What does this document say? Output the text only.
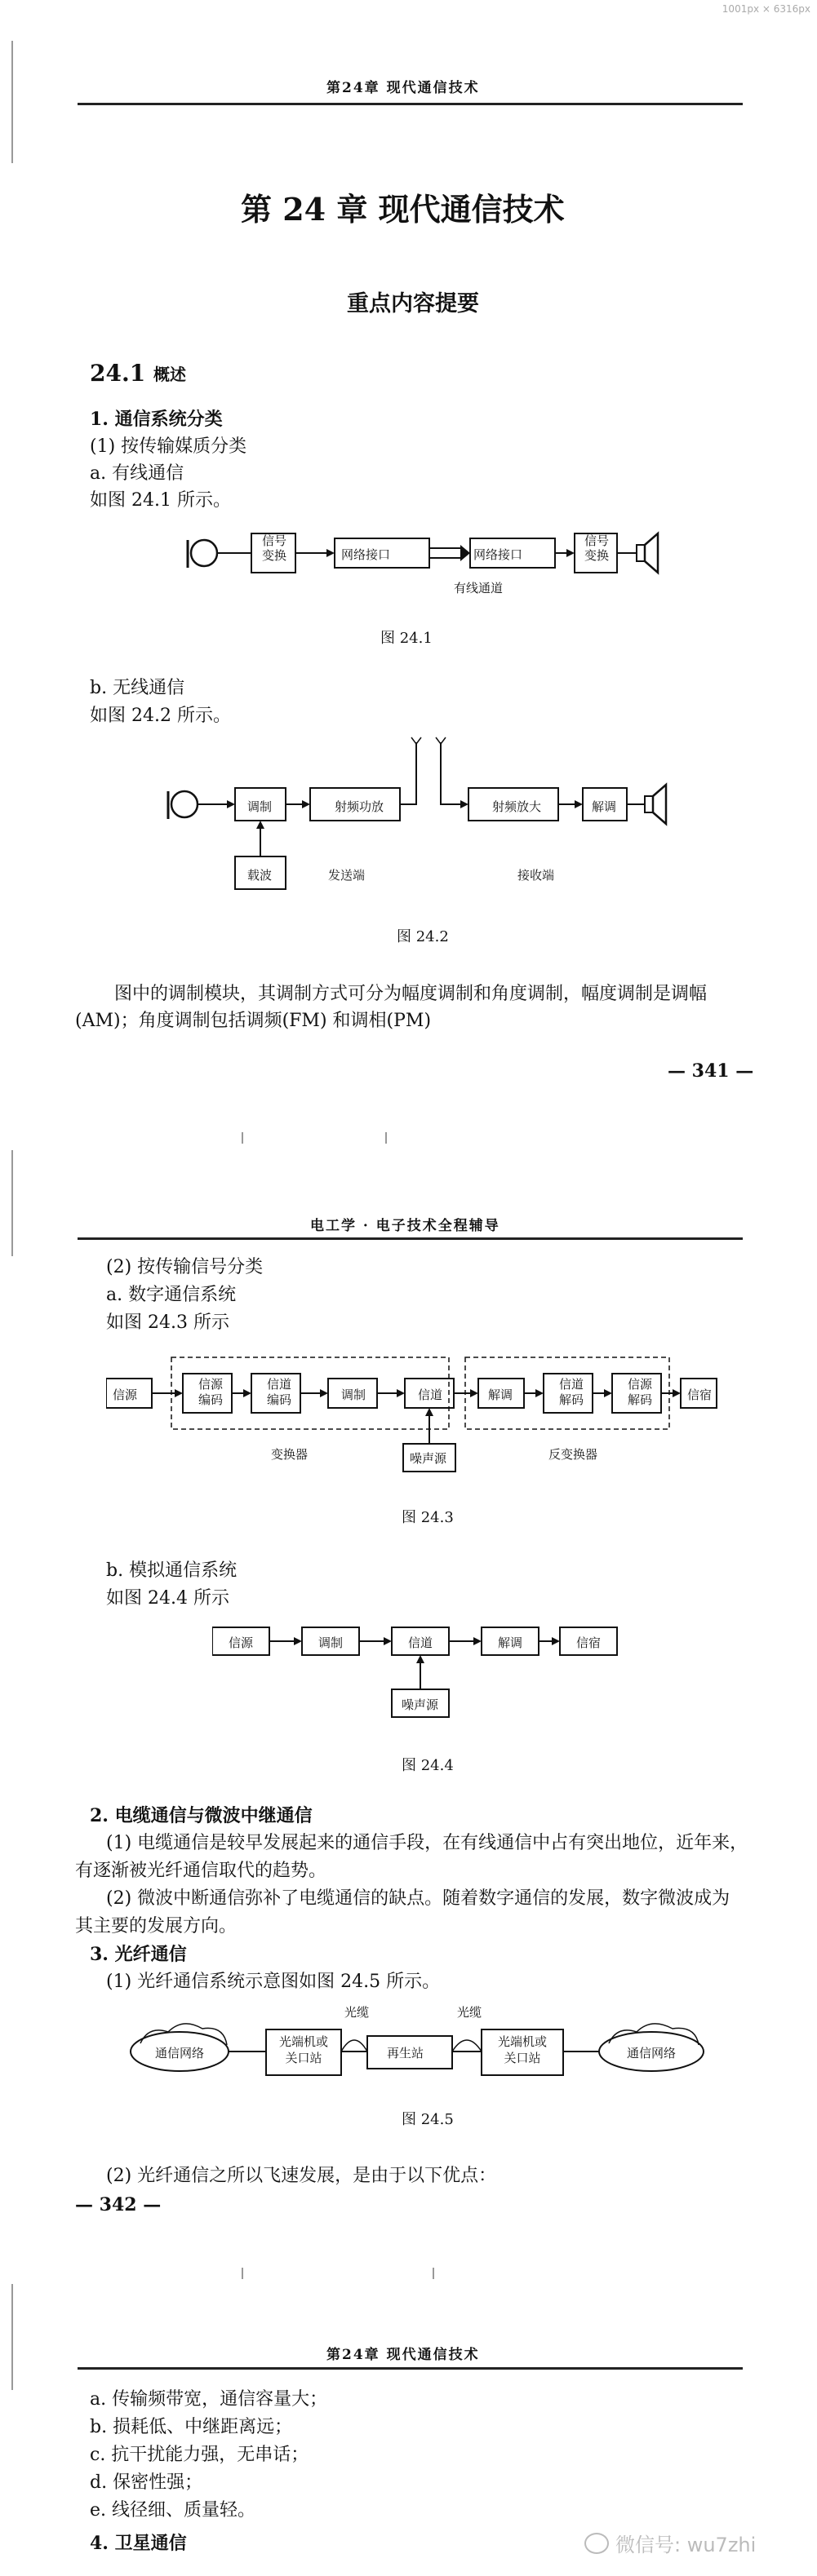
1001px × 6316px
第24章 现代通信技术
第 24 章 现代通信技术
重点内容提要
24.1 概述
1. 通信系统分类
(1) 按传输媒质分类
a. 有线通信
如图 24.1 所示。
信号
变换	网络接口	网络接口
信号
变换
有线通道
图 24.1
b. 无线通信
如图 24.2 所示。
调制	射频功放	射频放大	解调
载波	发送端	接收端
图 24.2
图中的调制模块，其调制方式可分为幅度调制和角度调制，幅度调制是调幅
(AM)；角度调制包括调频(FM) 和调相(PM)
— 341 —
电工学 · 电子技术全程辅导
(2) 按传输信号分类
a. 数字通信系统
如图 24.3 所示
信源
信源
编码
信道
编码	调制	信道	解调
信道
解码
信源
解码	信宿
噪声源
变换器	反变换器
图 24.3
b. 模拟通信系统
如图 24.4 所示
信源	调制	信道	解调	信宿
噪声源
图 24.4
2. 电缆通信与微波中继通信
(1) 电缆通信是较早发展起来的通信手段，在有线通信中占有突出地位，近年来，
有逐渐被光纤通信取代的趋势。
(2) 微波中断通信弥补了电缆通信的缺点。随着数字通信的发展，数字微波成为
其主要的发展方向。
3. 光纤通信
(1) 光纤通信系统示意图如图 24.5 所示。
通信网络
光端机或
关口站	再生站
光端机或
关口站	通信网络
光缆	光缆
图 24.5
(2) 光纤通信之所以飞速发展，是由于以下优点：
— 342 —
第24章 现代通信技术
a. 传输频带宽，通信容量大；
b. 损耗低、中继距离远；
c. 抗干扰能力强，无串话；
d. 保密性强；
e. 线径细、质量轻。
4. 卫星通信	微信号: wu7zhi
